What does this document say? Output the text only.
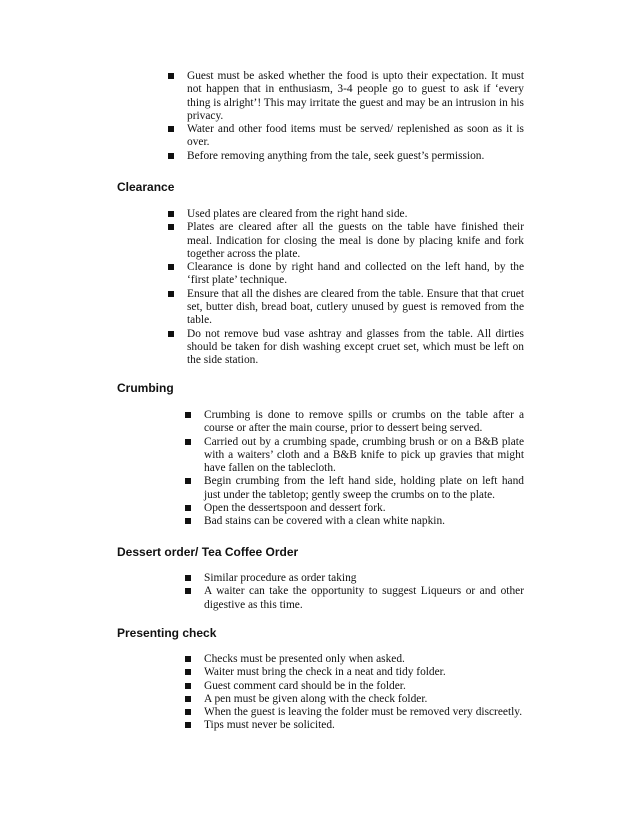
Guest must be asked whether the food is upto their expectation. It must not happen that in enthusiasm, 3-4 people go to guest to ask if ‘every thing is alright’! This may irritate the guest and may be an intrusion in his privacy.
Water and other food items must be served/ replenished as soon as it is over.
Before removing anything from the tale, seek guest’s permission.
Clearance
Used plates are cleared from the right hand side.
Plates are cleared after all the guests on the table have finished their meal. Indication for closing the meal is done by placing knife and fork together across the plate.
Clearance is done by right hand and collected on the left hand, by the ‘first plate’ technique.
Ensure that all the dishes are cleared from the table. Ensure that that cruet set, butter dish, bread boat, cutlery unused by guest is removed from the table.
Do not remove bud vase ashtray and glasses from the table. All dirties should be taken for dish washing except cruet set, which must be left on the side station.
Crumbing
Crumbing is done to remove spills or crumbs on the table after a course or after the main course, prior to dessert being served.
Carried out by a crumbing spade, crumbing brush or on a B&B plate with a waiters’ cloth and a B&B knife to pick up gravies that might have fallen on the tablecloth.
Begin crumbing from the left hand side, holding plate on left hand just under the tabletop; gently sweep the crumbs on to the plate.
Open the dessertspoon and dessert fork.
Bad stains can be covered with a clean white napkin.
Dessert order/ Tea Coffee Order
Similar procedure as order taking
A waiter can take the opportunity to suggest Liqueurs or and other digestive as this time.
Presenting check
Checks must be presented only when asked.
Waiter must bring the check in a neat and tidy folder.
Guest comment card should be in the folder.
A pen must be given along with the check folder.
When the guest is leaving the folder must be removed very discreetly.
Tips must never be solicited.
